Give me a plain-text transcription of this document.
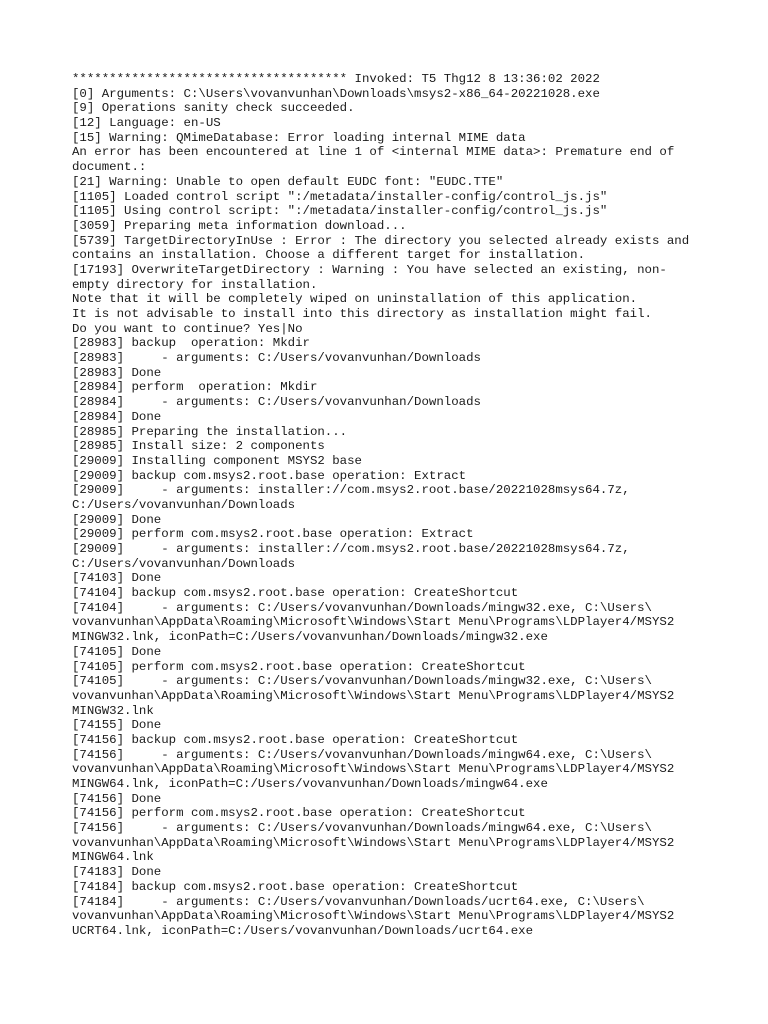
************************************* Invoked: T5 Thg12 8 13:36:02 2022
[0] Arguments: C:\Users\vovanvunhan\Downloads\msys2-x86_64-20221028.exe
[9] Operations sanity check succeeded.
[12] Language: en-US
[15] Warning: QMimeDatabase: Error loading internal MIME data
An error has been encountered at line 1 of <internal MIME data>: Premature end of
document.:
[21] Warning: Unable to open default EUDC font: "EUDC.TTE"
[1105] Loaded control script ":/metadata/installer-config/control_js.js"
[1105] Using control script: ":/metadata/installer-config/control_js.js"
[3059] Preparing meta information download...
[5739] TargetDirectoryInUse : Error : The directory you selected already exists and
contains an installation. Choose a different target for installation.
[17193] OverwriteTargetDirectory : Warning : You have selected an existing, non-
empty directory for installation.
Note that it will be completely wiped on uninstallation of this application.
It is not advisable to install into this directory as installation might fail.
Do you want to continue? Yes|No
[28983] backup  operation: Mkdir
[28983]     - arguments: C:/Users/vovanvunhan/Downloads
[28983] Done
[28984] perform  operation: Mkdir
[28984]     - arguments: C:/Users/vovanvunhan/Downloads
[28984] Done
[28985] Preparing the installation...
[28985] Install size: 2 components
[29009] Installing component MSYS2 base
[29009] backup com.msys2.root.base operation: Extract
[29009]     - arguments: installer://com.msys2.root.base/20221028msys64.7z,
C:/Users/vovanvunhan/Downloads
[29009] Done
[29009] perform com.msys2.root.base operation: Extract
[29009]     - arguments: installer://com.msys2.root.base/20221028msys64.7z,
C:/Users/vovanvunhan/Downloads
[74103] Done
[74104] backup com.msys2.root.base operation: CreateShortcut
[74104]     - arguments: C:/Users/vovanvunhan/Downloads/mingw32.exe, C:\Users\
vovanvunhan\AppData\Roaming\Microsoft\Windows\Start Menu\Programs\LDPlayer4/MSYS2
MINGW32.lnk, iconPath=C:/Users/vovanvunhan/Downloads/mingw32.exe
[74105] Done
[74105] perform com.msys2.root.base operation: CreateShortcut
[74105]     - arguments: C:/Users/vovanvunhan/Downloads/mingw32.exe, C:\Users\
vovanvunhan\AppData\Roaming\Microsoft\Windows\Start Menu\Programs\LDPlayer4/MSYS2
MINGW32.lnk
[74155] Done
[74156] backup com.msys2.root.base operation: CreateShortcut
[74156]     - arguments: C:/Users/vovanvunhan/Downloads/mingw64.exe, C:\Users\
vovanvunhan\AppData\Roaming\Microsoft\Windows\Start Menu\Programs\LDPlayer4/MSYS2
MINGW64.lnk, iconPath=C:/Users/vovanvunhan/Downloads/mingw64.exe
[74156] Done
[74156] perform com.msys2.root.base operation: CreateShortcut
[74156]     - arguments: C:/Users/vovanvunhan/Downloads/mingw64.exe, C:\Users\
vovanvunhan\AppData\Roaming\Microsoft\Windows\Start Menu\Programs\LDPlayer4/MSYS2
MINGW64.lnk
[74183] Done
[74184] backup com.msys2.root.base operation: CreateShortcut
[74184]     - arguments: C:/Users/vovanvunhan/Downloads/ucrt64.exe, C:\Users\
vovanvunhan\AppData\Roaming\Microsoft\Windows\Start Menu\Programs\LDPlayer4/MSYS2
UCRT64.lnk, iconPath=C:/Users/vovanvunhan/Downloads/ucrt64.exe
